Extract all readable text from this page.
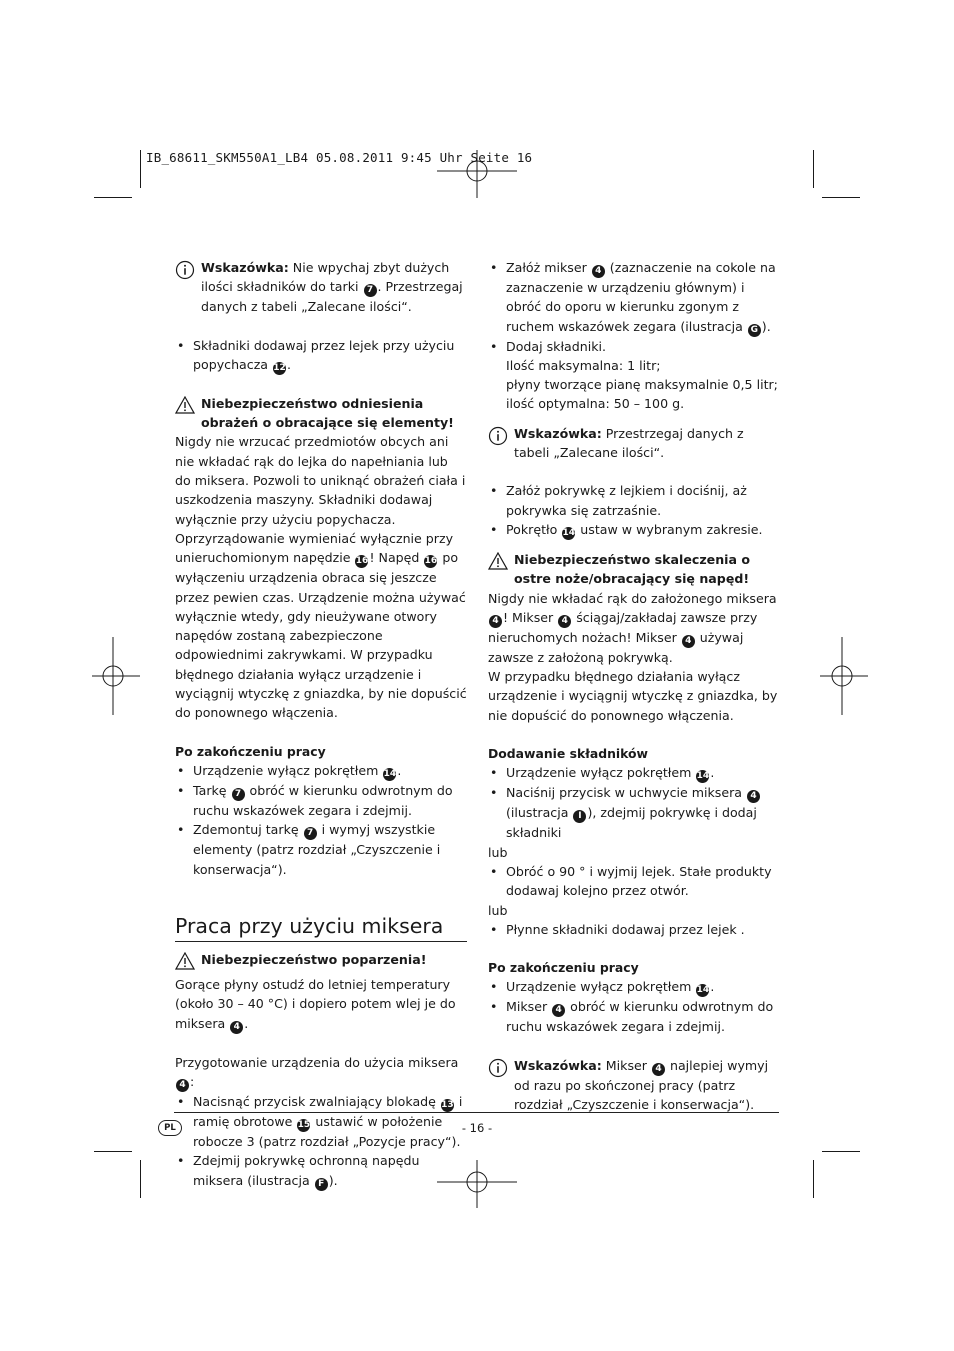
IB_68611_SKM550A1_LB4 05.08.2011 9:45 Uhr Seite 16
Wskazówka: Nie wpychaj zbyt dużych ilości składników do tarki 7 . Przestrzegaj danych z tabeli „Zalecane ilości“.
• Składniki dodawaj przez lejek przy użyciu popychacza 12.
Niebezpieczeństwo odniesienia obrażeń o obracające się elementy!

Nigdy nie wrzucać przedmiotów obcych ani nie wkładać rąk do lejka do napełniania lub do miksera. Pozwoli to uniknąć obrażeń ciała i uszkodzenia maszyny. Składniki dodawaj wyłącznie przy użyciu popychacza.

Oprzyrządowanie wymieniać wyłącznie przy unieruchomionym napędzie 16! Napęd 16 po wyłączeniu urządzenia obraca się jeszcze przez pewien czas. Urządzenie można używać wyłącznie wtedy, gdy nieużywane otwory napędów zostaną zabezpieczone odpowiednimi zakrywkami. W przypadku błędnego działania wyłącz urządzenie i wyciągnij wtyczkę z gniazdka, by nie dopuścić do ponownego włączenia.

Po zakończeniu pracy
• Urządzenie wyłącz pokrętłem 14.
• Tarkę 7 obróć w kierunku odwrotnym do ruchu wskazówek zegara i zdejmij.
• Zdemontuj tarkę 7 i wymyj wszystkie elementy (patrz rozdział „Czyszczenie i konserwacja“).
Praca przy użyciu miksera
Niebezpieczeństwo poparzenia!

Gorące płyny ostudź do letniej temperatury (około 30 – 40 °C) i dopiero potem wlej je do miksera 4 .

Przygotowanie urządzenia do użycia miksera 4 :

• Nacisnąć przycisk zwalniający blokadę 13 i ramię obrotowe 15 ustawić w położenie robocze 3 (patrz rozdział „Pozycje pracy“).
• Zdejmij pokrywkę ochronną napędu miksera (ilustracja F ).
• Załóż mikser 4 (zaznaczenie na cokole na zaznaczenie w urządzeniu głównym) i obróć do oporu w kierunku zgonym z ruchem wskazówek zegara (ilustracja G ).
• Dodaj składniki.
Ilość maksymalna: 1 litr;
płyny tworzące pianę maksymalnie 0,5 litr;
ilość optymalna: 50 – 100 g.
Wskazówka: Przestrzegaj danych z tabeli „Zalecane ilości“.
• Załóż pokrywkę z lejkiem i dociśnij, aż pokrywka się zatrzaśnie.
• Pokrętło 14 ustaw w wybranym zakresie.
Niebezpieczeństwo skaleczenia o ostre noże/obracający się napęd!

Nigdy nie wkładać rąk do założonego miksera 4 ! Mikser 4 ściągaj/zakładaj zawsze przy nieruchomych nożach! Mikser 4 używaj zawsze z założoną pokrywką.

W przypadku błędnego działania wyłącz urządzenie i wyciągnij wtyczkę z gniazdka, by nie dopuścić do ponownego włączenia.

Dodawanie składników
• Urządzenie wyłącz pokrętłem 14.
• Naciśnij przycisk w uchwycie miksera 4 (ilustracja I ), zdejmij pokrywkę i dodaj składniki
lub
• Obróć o 90 ° i wyjmij lejek. Stałe produkty dodawaj kolejno przez otwór.
lub
• Płynne składniki dodawaj przez lejek .
Po zakończeniu pracy
• Urządzenie wyłącz pokrętłem 14.
• Mikser 4 obróć w kierunku odwrotnym do ruchu wskazówek zegara i zdejmij.
Wskazówka: Mikser 4 najlepiej wymyj od razu po skończonej pracy (patrz rozdział „Czyszczenie i konserwacja“).
PL	- 16 -
